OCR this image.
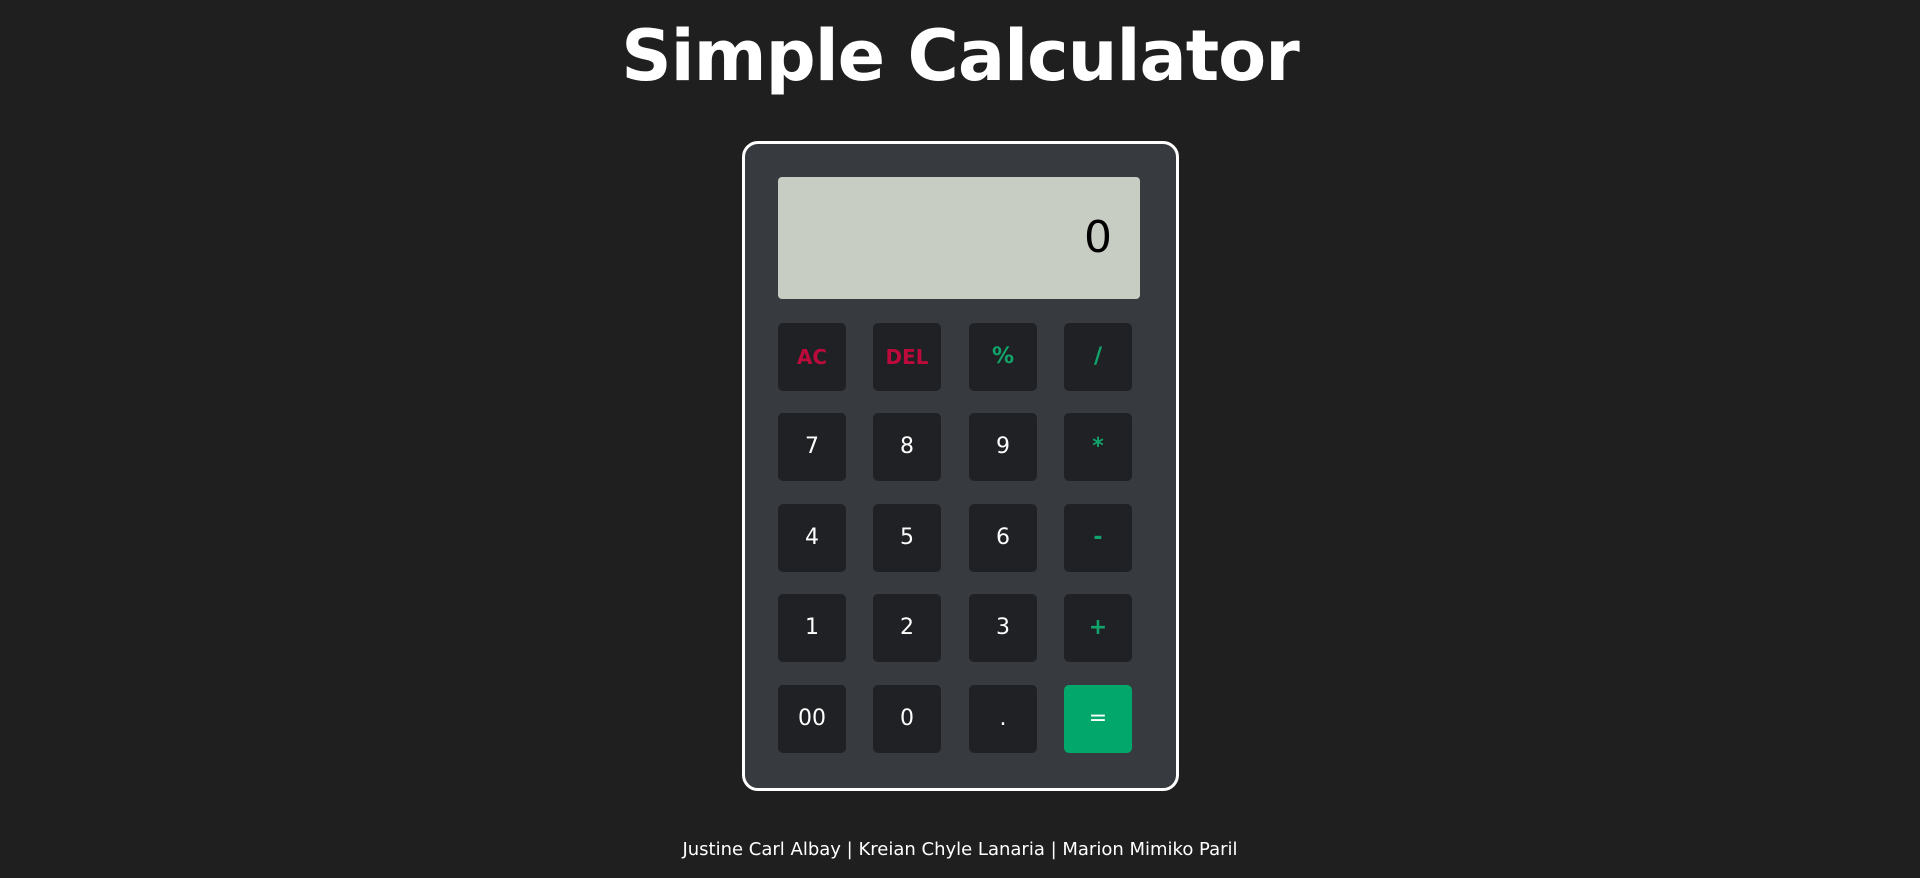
Simple Calculator
0
AC	DEL	%	/
7	8	9	*
4	5	6	-
1	2	3	+
00	0	.	=
Justine Carl Albay | Kreian Chyle Lanaria | Marion Mimiko Paril
